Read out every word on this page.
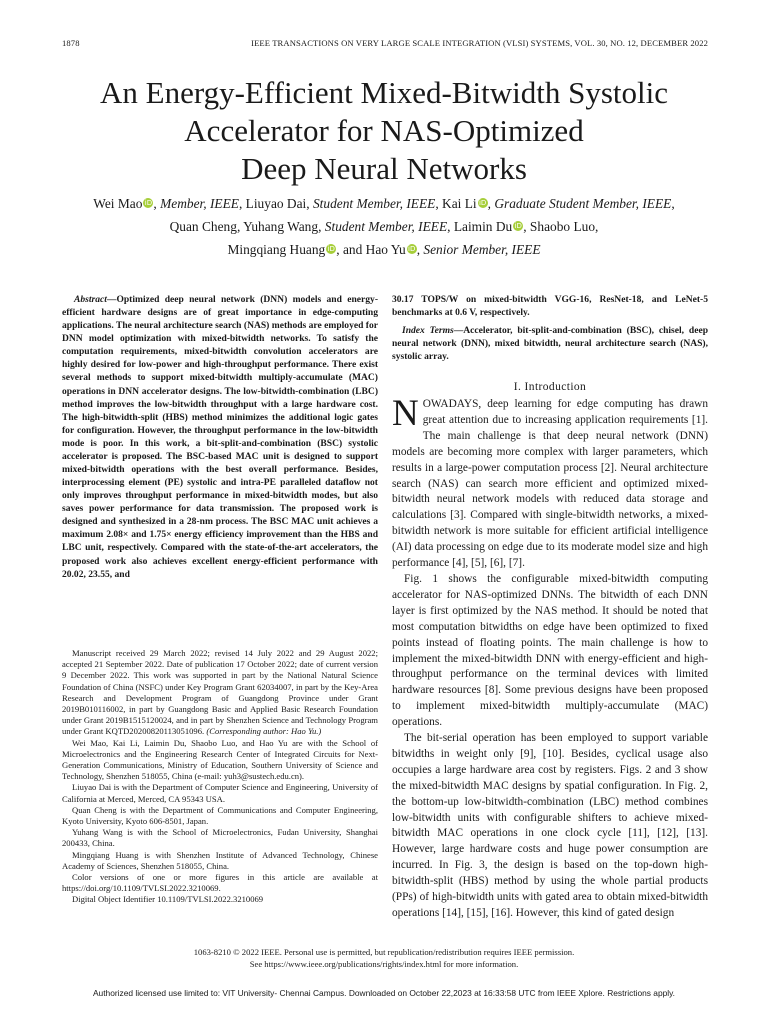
1878	IEEE TRANSACTIONS ON VERY LARGE SCALE INTEGRATION (VLSI) SYSTEMS, VOL. 30, NO. 12, DECEMBER 2022
An Energy-Efficient Mixed-Bitwidth Systolic
Accelerator for NAS-Optimized
Deep Neural Networks
Wei Mao iD, Member, IEEE, Liuyao Dai, Student Member, IEEE, Kai Li iD, Graduate Student Member, IEEE,
Quan Cheng, Yuhang Wang, Student Member, IEEE, Laimin Du iD, Shaobo Luo,
Mingqiang Huang iD, and Hao Yu iD, Senior Member, IEEE
Abstract—Optimized deep neural network (DNN) models and energy-efficient hardware designs are of great importance in edge-computing applications. The neural architecture search (NAS) methods are employed for DNN model optimization with mixed-bitwidth networks. To satisfy the computation requirements, mixed-bitwidth convolution accelerators are highly desired for low-power and high-throughput performance. There exist several methods to support mixed-bitwidth multiply-accumulate (MAC) operations in DNN accelerator designs. The low-bitwidth-combination (LBC) method improves the low-bitwidth throughput with a large hardware cost. The high-bitwidth-split (HBS) method minimizes the additional logic gates for configuration. However, the throughput performance in the low-bitwidth mode is poor. In this work, a bit-split-and-combination (BSC) systolic accelerator is proposed. The BSC-based MAC unit is designed to support mixed-bitwidth operations with the best overall performance. Besides, interprocessing element (PE) systolic and intra-PE paralleled dataflow not only improves throughput performance in mixed-bitwidth modes, but also saves power performance for data transmission. The proposed work is designed and synthesized in a 28-nm process. The BSC MAC unit achieves a maximum 2.08× and 1.75× energy efficiency improvement than the HBS and LBC unit, respectively. Compared with the state-of-the-art accelerators, the proposed work also achieves excellent energy-efficient performance with 20.02, 23.55, and

Manuscript received 29 March 2022; revised 14 July 2022 and 29 August 2022; accepted 21 September 2022. Date of publication 17 October 2022; date of current version 9 December 2022. This work was supported in part by the National Natural Science Foundation of China (NSFC) under Key Program Grant 62034007, in part by the Key-Area Research and Development Program of Guangdong Province under Grant 2019B010116002, in part by Guangdong Basic and Applied Basic Research Foundation under Grant 2019B1515120024, and in part by Shenzhen Science and Technology Program under Grant KQTD20200820113051096. (Corresponding author: Hao Yu.)

Wei Mao, Kai Li, Laimin Du, Shaobo Luo, and Hao Yu are with the School of Microelectronics and the Engineering Research Center of Integrated Circuits for Next-Generation Communications, Ministry of Education, Southern University of Science and Technology, Shenzhen 518055, China (e-mail: yuh3@sustech.edu.cn).

Liuyao Dai is with the Department of Computer Science and Engineering, University of California at Merced, Merced, CA 95343 USA.

Quan Cheng is with the Department of Communications and Computer Engineering, Kyoto University, Kyoto 606-8501, Japan.

Yuhang Wang is with the School of Microelectronics, Fudan University, Shanghai 200433, China.

Mingqiang Huang is with Shenzhen Institute of Advanced Technology, Chinese Academy of Sciences, Shenzhen 518055, China.

Color versions of one or more figures in this article are available at https://doi.org/10.1109/TVLSI.2022.3210069.

Digital Object Identifier 10.1109/TVLSI.2022.3210069

30.17 TOPS/W on mixed-bitwidth VGG-16, ResNet-18, and LeNet-5 benchmarks at 0.6 V, respectively.

Index Terms—Accelerator, bit-split-and-combination (BSC), chisel, deep neural network (DNN), mixed bitwidth, neural architecture search (NAS), systolic array.

I. Introduction

NOWADAYS, deep learning for edge computing has drawn great attention due to increasing application requirements [1]. The main challenge is that deep neural network (DNN) models are becoming more complex with larger parameters, which results in a large-power computation process [2]. Neural architecture search (NAS) can search more efficient and optimized mixed-bitwidth neural network models with reduced data storage and calculations [3]. Compared with single-bitwidth networks, a mixed-bitwidth network is more suitable for efficient artificial intelligence (AI) data processing on edge due to its moderate model size and high performance [4], [5], [6], [7].

Fig. 1 shows the configurable mixed-bitwidth computing accelerator for NAS-optimized DNNs. The bitwidth of each DNN layer is first optimized by the NAS method. It should be noted that most computation bitwidths on edge have been optimized to fixed points instead of floating points. The main challenge is how to implement the mixed-bitwidth DNN with energy-efficient and high-throughput performance on the terminal devices with limited hardware resources [8]. Some previous designs have been proposed to implement mixed-bitwidth multiply-accumulate (MAC) operations.

The bit-serial operation has been employed to support variable bitwidths in weight only [9], [10]. Besides, cyclical usage also occupies a large hardware area cost by registers. Figs. 2 and 3 show the mixed-bitwidth MAC designs by spatial configuration. In Fig. 2, the bottom-up low-bitwidth-combination (LBC) method combines low-bitwidth units with configurable shifters to achieve mixed-bitwidth MAC operations in one clock cycle [11], [12], [13]. However, large hardware costs and huge power consumption are incurred. In Fig. 3, the design is based on the top-down high-bitwidth-split (HBS) method by using the whole partial products (PPs) of high-bitwidth units with gated area to obtain mixed-bitwidth operations [14], [15], [16]. However, this kind of gated design

1063-8210 © 2022 IEEE. Personal use is permitted, but republication/redistribution requires IEEE permission.
See https://www.ieee.org/publications/rights/index.html for more information.
Authorized licensed use limited to: VIT University- Chennai Campus. Downloaded on October 22,2023 at 16:33:58 UTC from IEEE Xplore. Restrictions apply.
